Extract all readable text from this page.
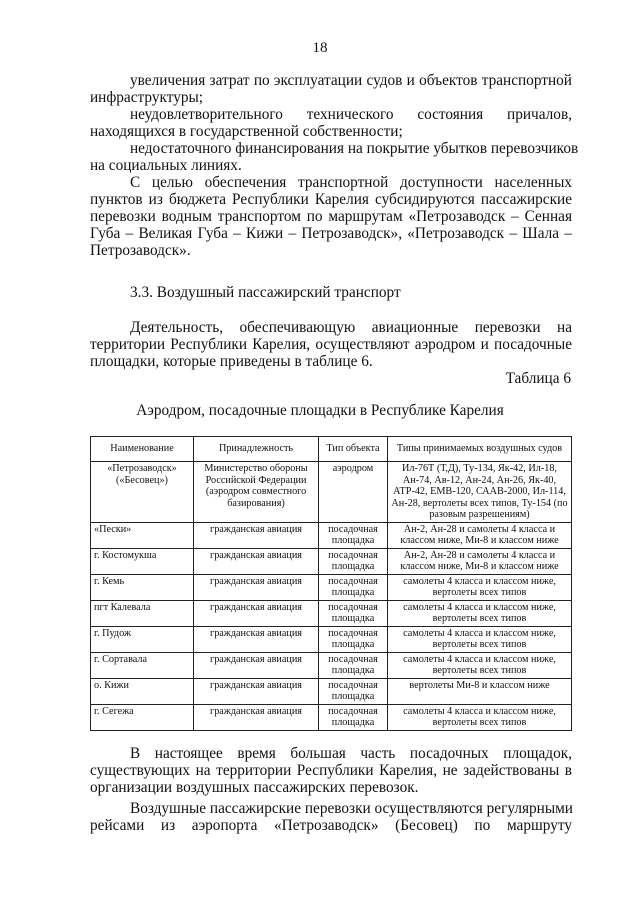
18
увеличения затрат по эксплуатации судов и объектов транспортной
инфраструктуры;
неудовлетворительного технического состояния причалов,
находящихся в государственной собственности;
недостаточного финансирования на покрытие убытков перевозчиков
на социальных линиях.
С целью обеспечения транспортной доступности населенных
пунктов из бюджета Республики Карелия субсидируются пассажирские
перевозки водным транспортом по маршрутам «Петрозаводск – Сенная
Губа – Великая Губа – Кижи – Петрозаводск», «Петрозаводск – Шала –
Петрозаводск».
3.3. Воздушный пассажирский транспорт
Деятельность, обеспечивающую авиационные перевозки на
территории Республики Карелия, осуществляют аэродром и посадочные
площадки, которые приведены в таблице 6.
Таблица 6
Аэродром, посадочные площадки в Республике Карелия
Наименование	Принадлежность	Тип объекта	Типы принимаемых воздушных судов
«Петрозаводск» («Бесовец»)	Министерство обороны Российской Федерации (аэродром совместного базирования)	аэродром	Ил-76Т (Т,Д), Ту-134, Як-42, Ил-18, Ан-74, Ав-12, Ан-24, Ан-26, Як-40, АТР-42, ЕМВ-120, СААВ-2000, Ил-114, Ан-28, вертолеты всех типов, Ту-154 (по разовым разрешениям)
«Пески»	гражданская авиация	посадочная площадка	Ан-2, Ан-28 и самолеты 4 класса и классом ниже, Ми-8 и классом ниже
г. Костомукша	гражданская авиация	посадочная площадка	Ан-2, Ан-28 и самолеты 4 класса и классом ниже, Ми-8 и классом ниже
г. Кемь	гражданская авиация	посадочная площадка	самолеты 4 класса и классом ниже, вертолеты всех типов
пгт Калевала	гражданская авиация	посадочная площадка	самолеты 4 класса и классом ниже, вертолеты всех типов
г. Пудож	гражданская авиация	посадочная площадка	самолеты 4 класса и классом ниже, вертолеты всех типов
г. Сортавала	гражданская авиация	посадочная площадка	самолеты 4 класса и классом ниже, вертолеты всех типов
о. Кижи	гражданская авиация	посадочная площадка	вертолеты Ми-8 и классом ниже
г. Сегежа	гражданская авиация	посадочная площадка	самолеты 4 класса и классом ниже, вертолеты всех типов
В настоящее время большая часть посадочных площадок,
существующих на территории Республики Карелия, не задействованы в
организации воздушных пассажирских перевозок.
Воздушные пассажирские перевозки осуществляются регулярными
рейсами из аэропорта «Петрозаводск» (Бесовец) по маршруту
